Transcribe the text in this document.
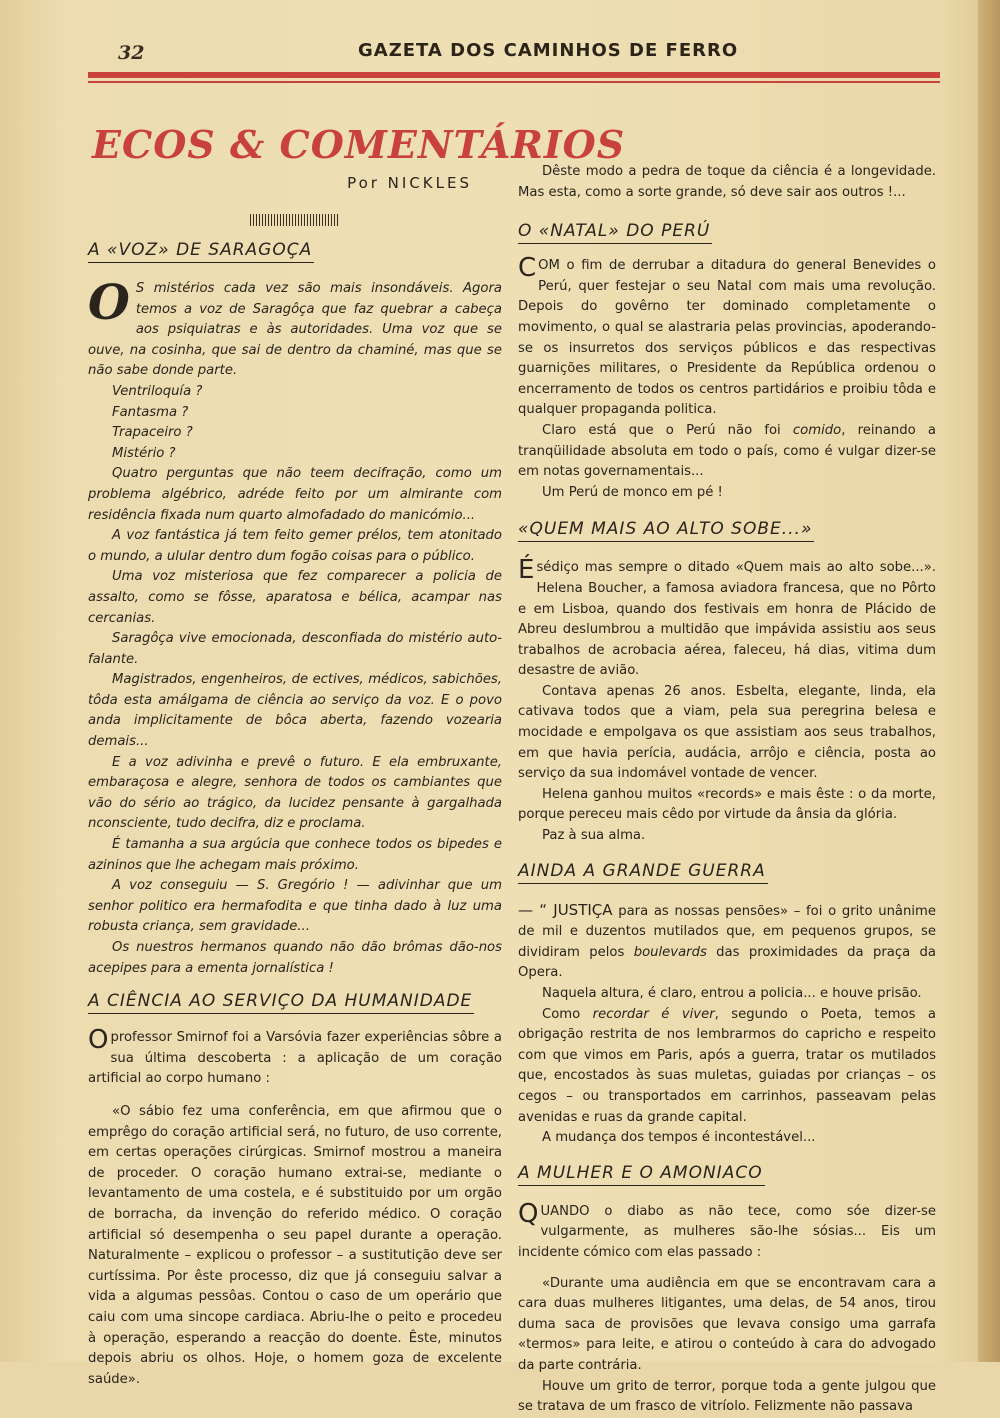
32	GAZETA DOS CAMINHOS DE FERRO
ECOS & COMENTÁRIOS
Por NICKLES
A «VOZ» DE SARAGOÇA

O S mistérios cada vez são mais insondáveis. Agora temos a voz de Saragôça que faz quebrar a cabeça aos psiquiatras e às autoridades. Uma voz que se ouve, na cosinha, que sai de dentro da chaminé, mas que se não sabe donde parte.

Ventriloquía ?

Fantasma ?

Trapaceiro ?

Mistério ?

Quatro perguntas que não teem decifração, como um problema algébrico, adréde feito por um almirante com residência fixada num quarto almofadado do manicómio...

A voz fantástica já tem feito gemer prélos, tem atonitado o mundo, a ulular dentro dum fogão coisas para o público.

Uma voz misteriosa que fez comparecer a policia de assalto, como se fôsse, aparatosa e bélica, acampar nas cercanias.

Saragôça vive emocionada, desconfiada do mistério auto-falante.

Magistrados, engenheiros, de ectives, médicos, sabichões, tôda esta amálgama de ciência ao serviço da voz. E o povo anda implicitamente de bôca aberta, fazendo vozearia demais...

E a voz adivinha e prevê o futuro. E ela embruxante, embaraçosa e alegre, senhora de todos os cambiantes que vão do sério ao trágico, da lucidez pensante à gargalhada nconsciente, tudo decifra, diz e proclama.

É tamanha a sua argúcia que conhece todos os bipedes e azininos que lhe achegam mais próximo.

A voz conseguiu — S. Gregório ! — adivinhar que um senhor politico era hermafodita e que tinha dado à luz uma robusta criança, sem gravidade...

Os nuestros hermanos quando não dão brômas dão-nos acepipes para a ementa jornalística !

A CIÊNCIA AO SERVIÇO DA HUMANIDADE

Oprofessor Smirnof foi a Varsóvia fazer experiências sôbre a sua última descoberta : a aplicação de um coração artificial ao corpo humano :

«O sábio fez uma conferência, em que afirmou que o emprêgo do coração artificial será, no futuro, de uso corrente, em certas operações cirúrgicas. Smirnof mostrou a maneira de proceder. O coração humano extrai-se, mediante o levantamento de uma costela, e é substituido por um orgão de borracha, da invenção do referido médico. O coração artificial só desempenha o seu papel durante a operação. Naturalmente – explicou o professor – a sustitutição deve ser curtíssima. Por êste processo, diz que já conseguiu salvar a vida a algumas pessôas. Contou o caso de um operário que caiu com uma sincope cardiaca. Abriu-lhe o peito e procedeu à operação, esperando a reacção do doente. Êste, minutos depois abriu os olhos. Hoje, o homem goza de excelente saúde».

Dêste modo a pedra de toque da ciência é a longevidade. Mas esta, como a sorte grande, só deve sair aos outros !...

O «NATAL» DO PERÚ

COM o fim de derrubar a ditadura do general Benevides o Perú, quer festejar o seu Natal com mais uma revolução. Depois do govêrno ter dominado completamente o movimento, o qual se alastraria pelas provincias, apoderando-se os insurretos dos serviços públicos e das respectivas guarnições militares, o Presidente da República ordenou o encerramento de todos os centros partidários e proibiu tôda e qualquer propaganda politica.

Claro está que o Perú não foi comido, reinando a tranqüilidade absoluta em todo o país, como é vulgar dizer-se em notas governamentais...

Um Perú de monco em pé !

«QUEM MAIS AO ALTO SOBE...»

Ésédiço mas sempre o ditado «Quem mais ao alto sobe...». Helena Boucher, a famosa aviadora francesa, que no Pôrto e em Lisboa, quando dos festivais em honra de Plácido de Abreu deslumbrou a multidão que impávida assistiu aos seus trabalhos de acrobacia aérea, faleceu, há dias, vitima dum desastre de avião.

Contava apenas 26 anos. Esbelta, elegante, linda, ela cativava todos que a viam, pela sua peregrina belesa e mocidade e empolgava os que assistiam aos seus trabalhos, em que havia perícia, audácia, arrôjo e ciência, posta ao serviço da sua indomável vontade de vencer.

Helena ganhou muitos «records» e mais êste : o da morte, porque pereceu mais cêdo por virtude da ânsia da glória.

Paz à sua alma.

AINDA A GRANDE GUERRA

— “ JUSTIÇA para as nossas pensões» – foi o grito unânime de mil e duzentos mutilados que, em pequenos grupos, se dividiram pelos boulevards das proximidades da praça da Opera.

Naquela altura, é claro, entrou a policia... e houve prisão.

Como recordar é viver, segundo o Poeta, temos a obrigação restrita de nos lembrarmos do capricho e respeito com que vimos em Paris, após a guerra, tratar os mutilados que, encostados às suas muletas, guiadas por crianças – os cegos – ou transportados em carrinhos, passeavam pelas avenidas e ruas da grande capital.

A mudança dos tempos é incontestável...

A MULHER E O AMONIACO

QUANDO o diabo as não tece, como sóe dizer-se vulgarmente, as mulheres são-lhe sósias... Eis um incidente cómico com elas passado :

«Durante uma audiência em que se encontravam cara a cara duas mulheres litigantes, uma delas, de 54 anos, tirou duma saca de provisões que levava consigo uma garrafa «termos» para leite, e atirou o conteúdo à cara do advogado da parte contrária.

Houve um grito de terror, porque toda a gente julgou que se tratava de um frasco de vitríolo. Felizmente não passava
